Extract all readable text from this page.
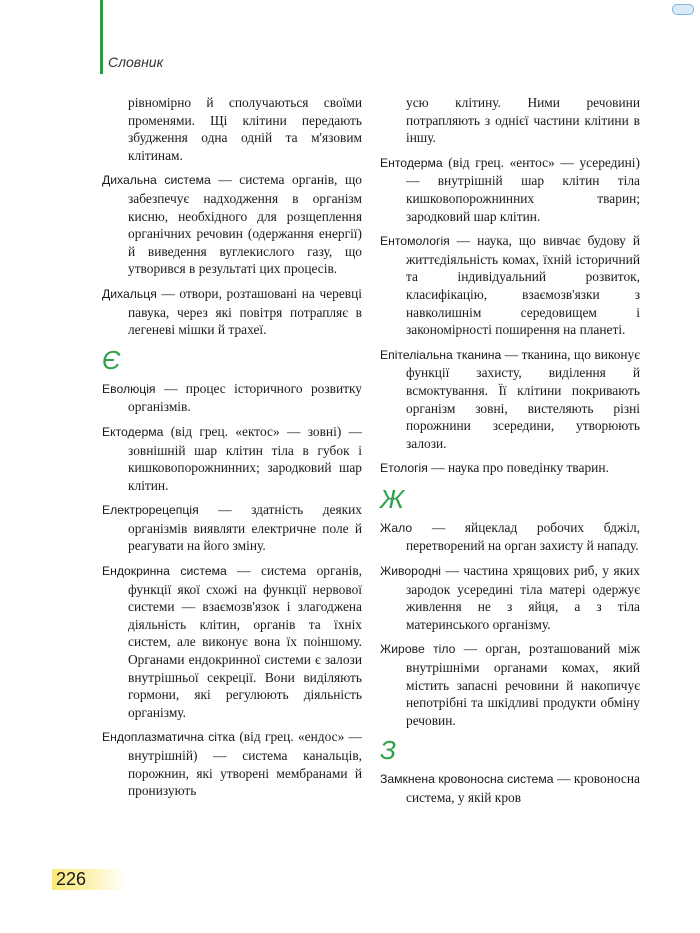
Словник

рівномірно й сполучаються своїми променями. Щі клітини передають збудження одна одній та м'язовим клітинам.

Дихальна система — система органів, що забезпечує надходження в організм кисню, необхідного для розщеплення органічних речовин (одержання енергії) й виведення вуглекислого газу, що утворився в результаті цих процесів.

Дихальця — отвори, розташовані на черевці павука, через які повітря потрапляє в легеневі мішки й трахеї.

Є

Еволюція — процес історичного розвитку організмів.

Ектодерма (від грец. «ектос» — зовні) — зовнішній шар клітин тіла в губок і кишковопорожнинних; зародковий шар клітин.

Електрорецепція — здатність деяких організмів виявляти електричне поле й реагувати на його зміну.

Ендокринна система — система органів, функції якої схожі на функції нервової системи — взаємозв'язок і злагоджена діяльність клітин, органів та їхніх систем, але виконує вона їх поіншому. Органами ендокринної системи є залози внутрішньої секреції. Вони виділяють гормони, які регулюють діяльність організму.

Ендоплазматична сітка (від грец. «ендос» — внутрішній) — система канальців, порожнин, які утворені мембранами й пронизують

усю клітину. Ними речовини потрапляють з однієї частини клітини в іншу.

Ентодерма (від грец. «ентос» — усередині) — внутрішній шар клітин тіла кишковопорожнинних тварин; зародковий шар клітин.

Ентомологія — наука, що вивчає будову й життєдіяльність комах, їхній історичний та індивідуальний розвиток, класифікацію, взаємозв'язки з навколишнім середовищем і закономірності поширення на планеті.

Епітеліальна тканина — тканина, що виконує функції захисту, виділення й всмоктування. Її клітини покривають організм зовні, вистеляють різні порожнини зсередини, утворюють залози.

Етологія — наука про поведінку тварин.

Ж

Жало — яйцеклад робочих бджіл, перетворений на орган захисту й нападу.

Живородні — частина хрящових риб, у яких зародок усередині тіла матері одержує живлення не з яйця, а з тіла материнського організму.

Жирове тіло — орган, розташований між внутрішніми органами комах, який містить запасні речовини й накопичує непотрібні та шкідливі продукти обміну речовин.

З

Замкнена кровоносна система — кровоносна система, у якій кров

226
